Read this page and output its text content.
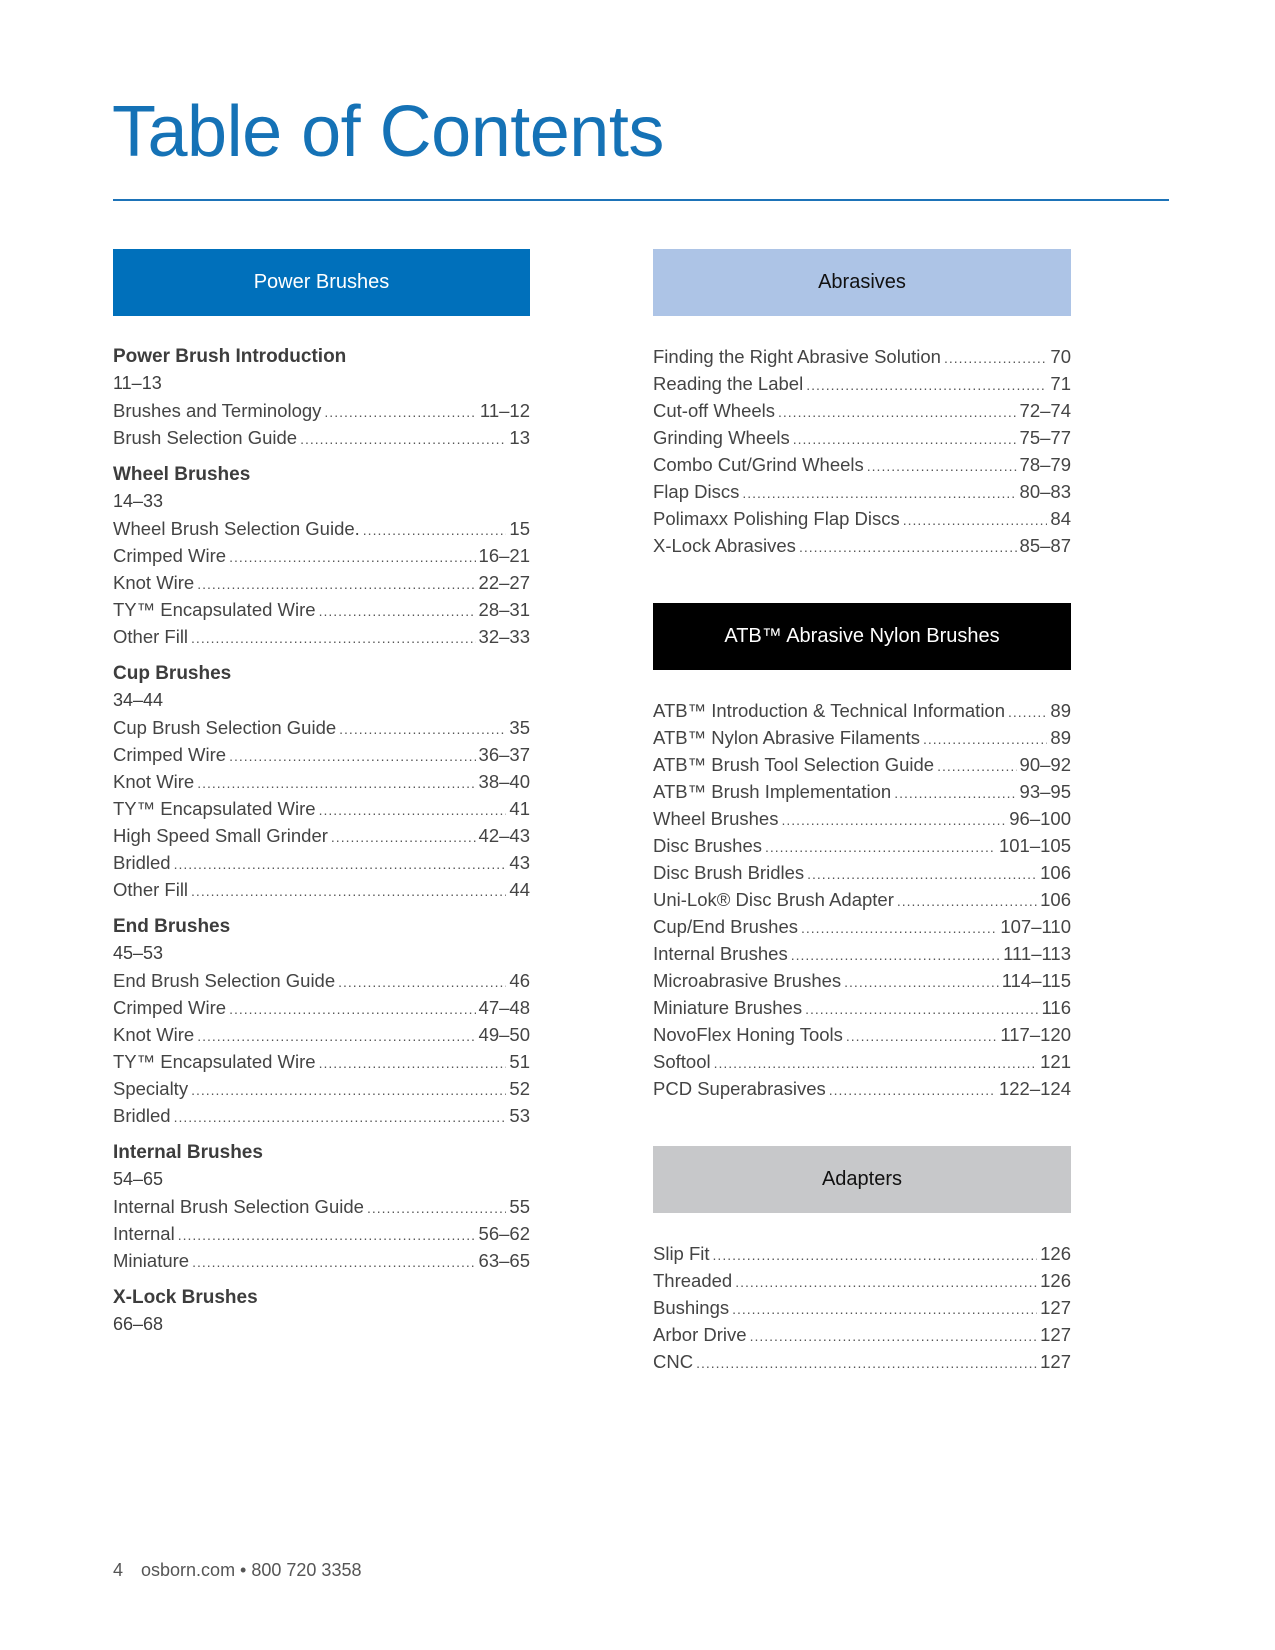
Table of Contents
Power Brushes
Power Brush Introduction
11–13
Brushes and Terminology .....	11–12
Brush Selection Guide .....	13
Wheel Brushes
14–33
Wheel Brush Selection Guide. .....	15
Crimped Wire .....	16–21
Knot Wire .....	22–27
TY™ Encapsulated Wire .....	28–31
Other Fill .....	32–33
Cup Brushes
34–44
Cup Brush Selection Guide .....	35
Crimped Wire .....	36–37
Knot Wire .....	38–40
TY™ Encapsulated Wire .....	41
High Speed Small Grinder .....	42–43
Bridled .....	43
Other Fill .....	44
End Brushes
45–53
End Brush Selection Guide .....	46
Crimped Wire .....	47–48
Knot Wire .....	49–50
TY™ Encapsulated Wire .....	51
Specialty .....	52
Bridled .....	53
Internal Brushes
54–65
Internal Brush Selection Guide .....	55
Internal .....	56–62
Miniature .....	63–65
X-Lock Brushes
66–68
Abrasives
Finding the Right Abrasive Solution .....	70
Reading the Label .....	71
Cut-off Wheels .....	72–74
Grinding Wheels .....	75–77
Combo Cut/Grind Wheels .....	78–79
Flap Discs .....	80–83
Polimaxx Polishing Flap Discs .....	84
X-Lock Abrasives .....	85–87
ATB™ Abrasive Nylon Brushes
ATB™ Introduction & Technical Information ..... 89
ATB™ Nylon Abrasive Filaments .....	89
ATB™ Brush Tool Selection Guide .....	90–92
ATB™ Brush Implementation .....	93–95
Wheel Brushes .....	96–100
Disc Brushes .....	101–105
Disc Brush Bridles .....	106
Uni-Lok® Disc Brush Adapter .....	106
Cup/End Brushes .....	107–110
Internal Brushes .....	111–113
Microabrasive Brushes .....	114–115
Miniature Brushes .....	116
NovoFlex Honing Tools .....	117–120
Softool .....	121
PCD Superabrasives .....	122–124
Adapters
Slip Fit .....	126
Threaded .....	126
Bushings .....	127
Arbor Drive .....	127
CNC .....	127
4 osborn.com • 800 720 3358
